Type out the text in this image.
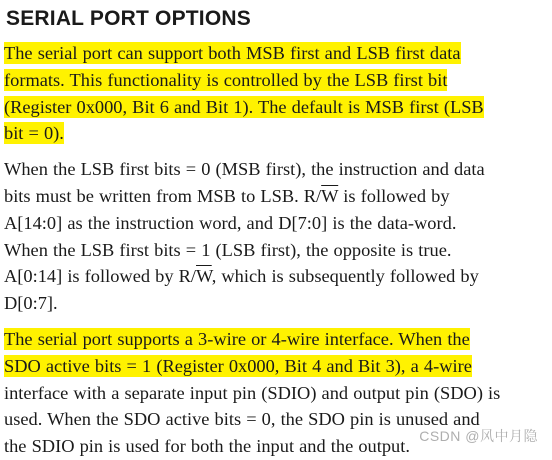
SERIAL PORT OPTIONS

The serial port can support both MSB first and LSB first data
formats. This functionality is controlled by the LSB first bit
(Register 0x000, Bit 6 and Bit 1). The default is MSB first (LSB
bit = 0).

When the LSB first bits = 0 (MSB first), the instruction and data
bits must be written from MSB to LSB. $R/\overline{W}$ is followed by
A[14:0] as the instruction word, and D[7:0] is the data-word.
When the LSB first bits = 1 (LSB first), the opposite is true.
A[0:14] is followed by $R/\overline{W}$, which is subsequently followed by
D[0:7].

The serial port supports a 3-wire or 4-wire interface. When the
SDO active bits = 1 (Register 0x000, Bit 4 and Bit 3), a 4-wire
interface with a separate input pin (SDIO) and output pin (SDO) is
used. When the SDO active bits = 0, the SDO pin is unused and
the SDIO pin is used for both the input and the output.

CSDN @风中月隐
